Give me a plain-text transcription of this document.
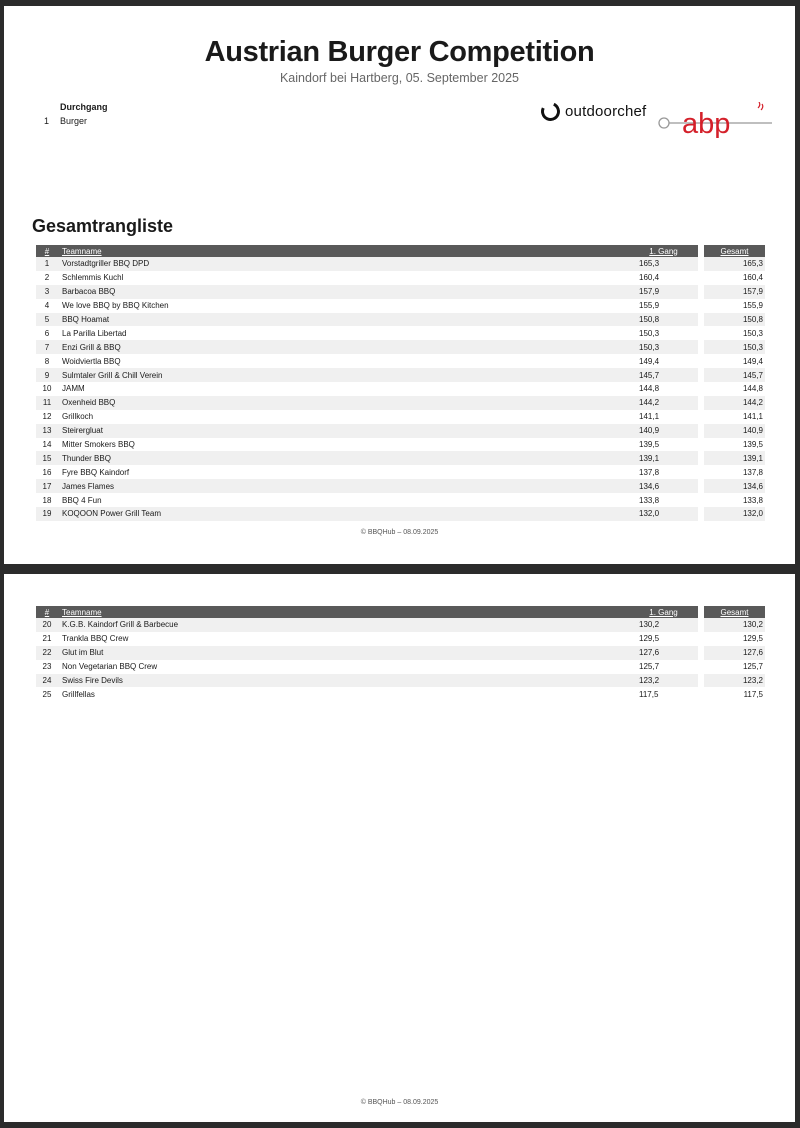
Austrian Burger Competition
Kaindorf bei Hartberg, 05. September 2025
Durchgang
1 Burger
outdoorchef abp
Gesamtrangliste
#	Teamname	1. Gang		Gesamt
1	Vorstadtgriller BBQ DPD	165,3		165,3
2	Schlemmis Kuchl	160,4		160,4
3	Barbacoa BBQ	157,9		157,9
4	We love BBQ by BBQ Kitchen	155,9		155,9
5	BBQ Hoamat	150,8		150,8
6	La Parilla Libertad	150,3		150,3
7	Enzi Grill & BBQ	150,3		150,3
8	Woidviertla BBQ	149,4		149,4
9	Sulmtaler Grill & Chill Verein	145,7		145,7
10	JAMM	144,8		144,8
11	Oxenheid BBQ	144,2		144,2
12	Grillkoch	141,1		141,1
13	Steirergluat	140,9		140,9
14	Mitter Smokers BBQ	139,5		139,5
15	Thunder BBQ	139,1		139,1
16	Fyre BBQ Kaindorf	137,8		137,8
17	James Flames	134,6		134,6
18	BBQ 4 Fun	133,8		133,8
19	KOQOON Power Grill Team	132,0		132,0
© BBQHub – 08.09.2025
#	Teamname	1. Gang		Gesamt
20	K.G.B. Kaindorf Grill & Barbecue	130,2		130,2
21	Trankla BBQ Crew	129,5		129,5
22	Glut im Blut	127,6		127,6
23	Non Vegetarian BBQ Crew	125,7		125,7
24	Swiss Fire Devils	123,2		123,2
25	Grillfellas	117,5		117,5
© BBQHub – 08.09.2025
